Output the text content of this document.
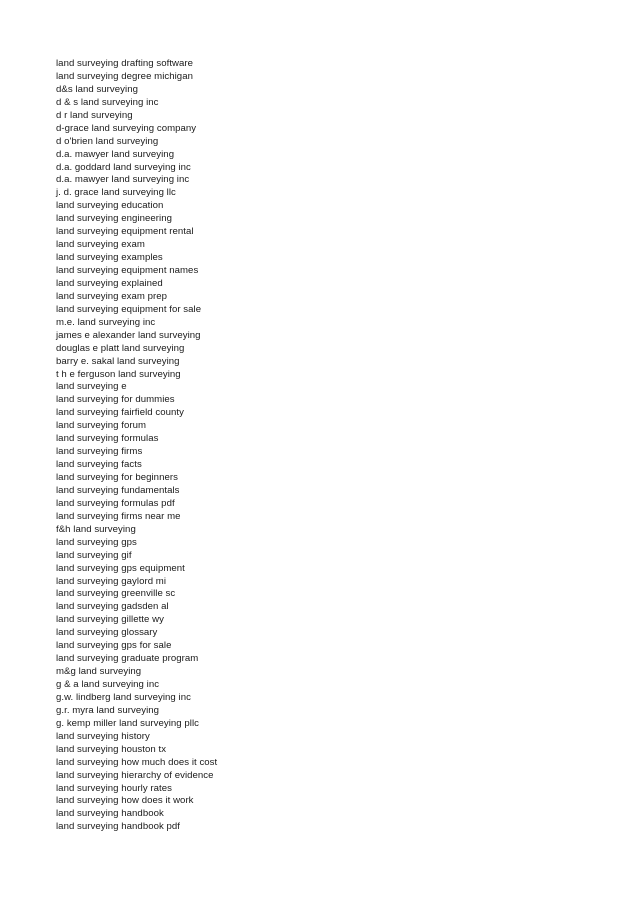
land surveying drafting software
land surveying degree michigan
d&s land surveying
d & s land surveying inc
d r land surveying
d-grace land surveying company
d o'brien land surveying
d.a. mawyer land surveying
d.a. goddard land surveying inc
d.a. mawyer land surveying inc
j. d. grace land surveying llc
land surveying education
land surveying engineering
land surveying equipment rental
land surveying exam
land surveying examples
land surveying equipment names
land surveying explained
land surveying exam prep
land surveying equipment for sale
m.e. land surveying inc
james e alexander land surveying
douglas e platt land surveying
barry e. sakal land surveying
t h e ferguson land surveying
land surveying e
land surveying for dummies
land surveying fairfield county
land surveying forum
land surveying formulas
land surveying firms
land surveying facts
land surveying for beginners
land surveying fundamentals
land surveying formulas pdf
land surveying firms near me
f&h land surveying
land surveying gps
land surveying gif
land surveying gps equipment
land surveying gaylord mi
land surveying greenville sc
land surveying gadsden al
land surveying gillette wy
land surveying glossary
land surveying gps for sale
land surveying graduate program
m&g land surveying
g & a land surveying inc
g.w. lindberg land surveying inc
g.r. myra land surveying
g. kemp miller land surveying pllc
land surveying history
land surveying houston tx
land surveying how much does it cost
land surveying hierarchy of evidence
land surveying hourly rates
land surveying how does it work
land surveying handbook
land surveying handbook pdf
